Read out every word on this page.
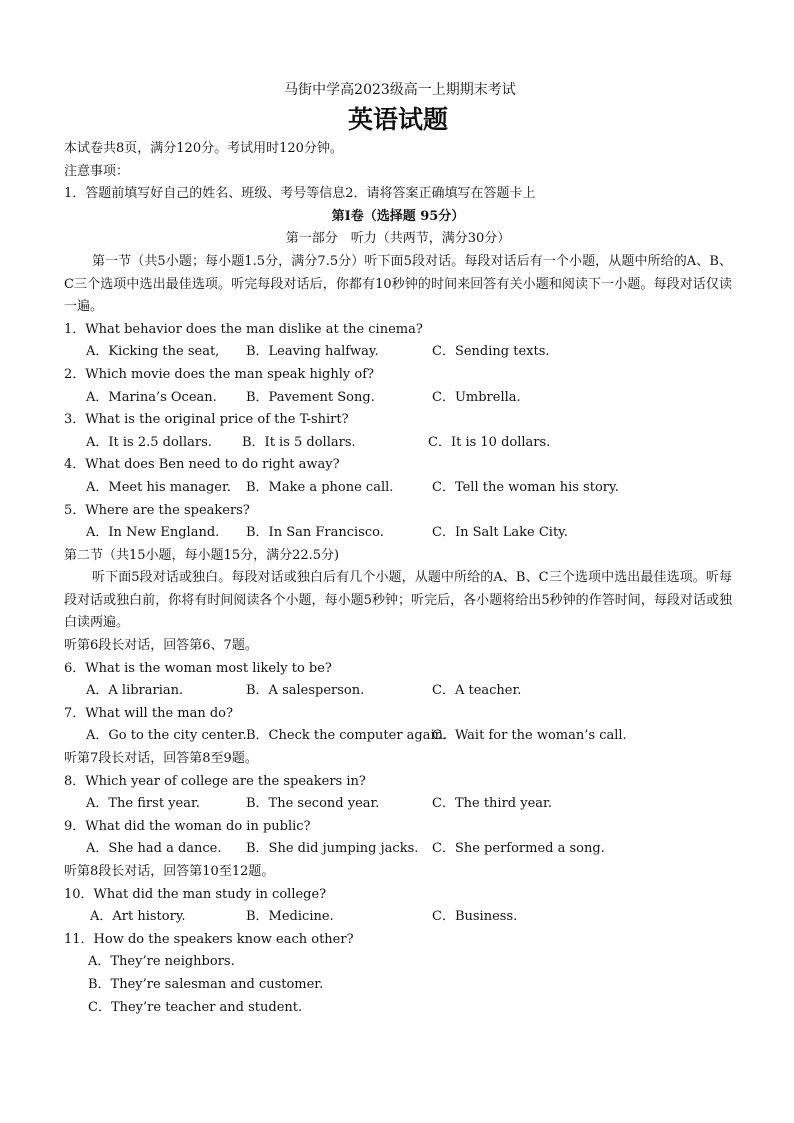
马街中学高2023级高一上期期末考试
英语试题
本试卷共8页，满分120分。考试用时120分钟。
注意事项：
1．答题前填写好自己的姓名、班级、考号等信息2．请将答案正确填写在答题卡上
第I卷（选择题 95分）
第一部分　听力（共两节，满分30分）
第一节（共5小题；每小题1.5分，满分7.5分）听下面5段对话。每段对话后有一个小题，从题中所给的A、B、C三个选项中选出最佳选项。听完每段对话后，你都有10秒钟的时间来回答有关小题和阅读下一小题。每段对话仅读一遍。
1．What behavior does the man dislike at the cinema?
A．Kicking the seat, B．Leaving halfway.	C．Sending texts.
2．Which movie does the man speak highly of?
A．Marina’s Ocean. B．Pavement Song.	C．Umbrella.
3．What is the original price of the T-shirt?
A．It is 2.5 dollars. B．It is 5 dollars.	C．It is 10 dollars.
4．What does Ben need to do right away?
A．Meet his manager. B．Make a phone call.	C．Tell the woman his story.
5．Where are the speakers?
A．In New England. B．In San Francisco.	C．In Salt Lake City.
第二节（共15小题，每小题15分，满分22.5分)
听下面5段对话或独白。每段对话或独白后有几个小题，从题中所给的A、B、C三个选项中选出最佳选项。听每段对话或独白前，你将有时间阅读各个小题，每小题5秒钟；听完后，各小题将给出5秒钟的作答时间，每段对话或独白读两遍。
听第6段长对话，回答第6、7题。
6．What is the woman most likely to be?
A．A librarian.	B．A salesperson.	C．A teacher.
7．What will the man do?
A．Go to the city center. B．Check the computer again.
C．Wait for the woman’s call.
听第7段长对话，回答第8至9题。
8．Which year of college are the speakers in?
A．The first year.	B．The second year.	C．The third year.
9．What did the woman do in public?
A．She had a dance. B．She did jumping jacks. C．She performed a song.
听第8段长对话，回答第10至12题。
10．What did the man study in college?
A．Art history.	B．Medicine.	C．Business.
11．How do the speakers know each other?
A．They’re neighbors.
B．They’re salesman and customer.
C．They’re teacher and student.
